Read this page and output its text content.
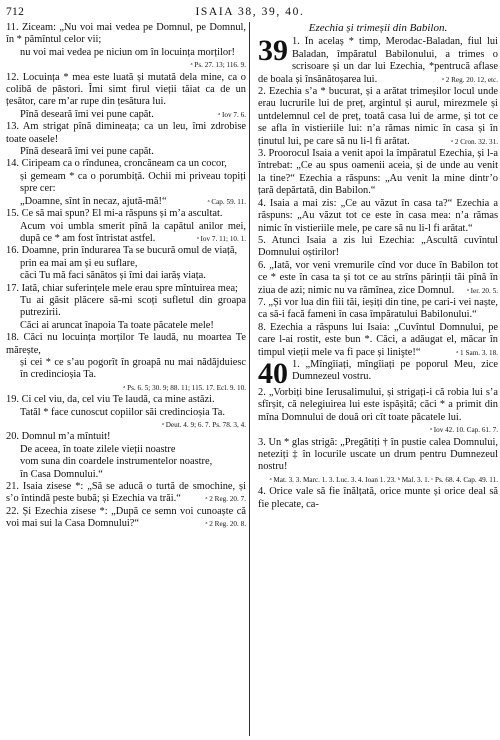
712	ISAIA 38, 39, 40.

11. Ziceam: „Nu voi mai vedea pe Domnul, pe Domnul, în * pămîntul celor vii;

nu voi mai vedea pe niciun om în locuința morților!
ᵃ Ps. 27. 13; 116. 9.

12. Locuința * mea este luată și mutată dela mine, ca o colibă de păstori. Îmi simt firul vieții tăiat ca de un țesător, care m’ar rupe din țesătura lui.

Pînă deseară îmi vei pune capăt.	ᵃ Iov 7. 6.

13. Am strigat pînă dimineața; ca un leu, îmi zdrobise toate oasele!

Pînă deseară îmi vei pune capăt.

14. Ciripeam ca o rîndunea, croncăneam ca un cocor,

și gemeam * ca o porumbiță. Ochii mi priveau topiți spre cer:

„Doamne, sînt în necaz, ajută-mă!“	ᵃ Cap. 59. 11.

15. Ce să mai spun? El mi-a răspuns și m’a ascultat.

Acum voi umbla smerit pînă la capătul anilor mei, după ce * am fost întristat astfel.	ᵃ Iov 7. 11; 10. 1.

16. Doamne, prin îndurarea Ta se bucură omul de viață,

prin ea mai am și eu suflare,

căci Tu mă faci sănătos și îmi dai iarăș viața.

17. Iată, chiar suferințele mele erau spre mîntuirea mea;

Tu ai găsit plăcere să-mi scoți sufletul din groapa putrezirii.

Căci ai aruncat înapoia Ta toate păcatele mele!

18. Căci nu locuința morților Te laudă, nu moartea Te mărește,

și cei * ce s’au pogorît în groapă nu mai nădăjduiesc în credincioșia Ta.

ᵃ Ps. 6. 5; 30. 9; 88. 11; 115. 17. Ecl. 9. 10.

19. Ci cel viu, da, cel viu Te laudă, ca mine astăzi.

Tatăl * face cunoscut copiilor săi credincioșia Ta.
ᵃ Deut. 4. 9; 6. 7. Ps. 78. 3, 4.

20. Domnul m’a mîntuit!

De aceea, în toate zilele vieții noastre

vom suna din coardele instrumentelor noastre,

în Casa Domnului.“

21. Isaia zisese *: „Să se aducă o turtă de smochine, și s’o întindă peste bubă; și Ezechia va trăi.“	ᵃ 2 Reg. 20. 7.

22. Și Ezechia zisese *: „După ce semn voi cunoaște că voi mai sui la Casa Domnului?“	ᵃ 2 Reg. 20. 8.

Ezechia și trimeșii din Babilon.
39 1. În acelaș * timp, Merodac-Baladan, fiul lui Baladan, împăratul Babilonului, a trimes o scrisoare și un dar lui Ezechia, *pentrucă aflase de boala și însănătoșarea lui.	ᵃ 2 Reg. 20. 12, etc.

2. Ezechia s’a * bucurat, și a arătat trimeșilor locul unde erau lucrurile lui de preț, argintul și aurul, mirezmele și untdelemnul cel de preț, toată casa lui de arme, și tot ce se afla în vistieriile lui: n’a rămas nimic în casa și în ținutul lui, pe care să nu li-l fi arătat.	ᵃ 2 Cron. 32. 31.

3. Proorocul Isaia a venit apoi la împăratul Ezechia, și l-a întrebat: „Ce au spus oamenii aceia, și de unde au venit la tine?“ Ezechia a răspuns: „Au venit la mine dintr’o țară depărtată, din Babilon.“

4. Isaia a mai zis: „Ce au văzut în casa ta?“ Ezechia a răspuns: „Au văzut tot ce este în casa mea: n’a rămas nimic în vistieriile mele, pe care să nu li-l fi arătat.“

5. Atunci Isaia a zis lui Ezechia: „Ascultă cuvîntul Domnului oștirilor!

6. „Iată, vor veni vremurile cînd vor duce în Babilon tot ce * este în casa ta și tot ce au strîns părinții tăi pînă în ziua de azi; nimic nu va rămînea, zice Domnul.	ᵃ Ier. 20. 5.

7. „Și vor lua din fiii tăi, ieșiți din tine, pe cari-i vei naște, ca să-i facă fameni în casa împăratului Babilonului.“

8. Ezechia a răspuns lui Isaia: „Cuvîntul Domnului, pe care l-ai rostit, este bun *. Căci, a adăugat el, măcar în timpul vieții mele va fi pace și linişte!“	ᵃ 1 Sam. 3. 18.

40 1. „Mîngîiați, mîngîiați pe poporul Meu, zice Dumnezeul vostru.

2. „Vorbiți bine Ierusalimului, și strigați-i că robia lui s’a sfîrșit, că nelegiuirea lui este ispășită; căci * a primit din mîna Domnului de două ori cît toate păcatele lui.
ᵃ Iov 42. 10. Cap. 61. 7.

3. Un * glas strigă: „Pregătiți † în pustie calea Domnului, neteziți ‡ în locurile uscate un drum pentru Dumnezeul nostru!
ᵃ Mat. 3. 3. Marc. 1. 3. Luc. 3. 4. Ioan 1. 23. ᵇ Mal. 3. 1. ᶜ Ps. 68. 4. Cap. 49. 11.

4. Orice vale să fie înălțată, orice munte și orice deal să fie plecate, ca-
